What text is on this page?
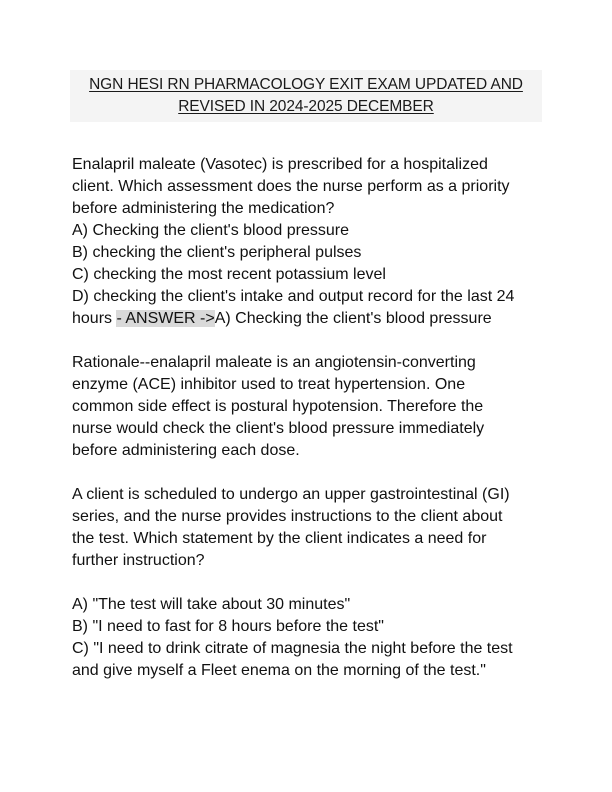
NGN HESI RN PHARMACOLOGY EXIT EXAM UPDATED AND
REVISED IN 2024-2025 DECEMBER

Enalapril maleate (Vasotec) is prescribed for a hospitalized

client. Which assessment does the nurse perform as a priority

before administering the medication?

A) Checking the client's blood pressure

B) checking the client's peripheral pulses

C) checking the most recent potassium level

D) checking the client's intake and output record for the last 24

hours - ANSWER ->A) Checking the client's blood pressure

Rationale--enalapril maleate is an angiotensin-converting

enzyme (ACE) inhibitor used to treat hypertension. One

common side effect is postural hypotension. Therefore the

nurse would check the client's blood pressure immediately

before administering each dose.

A client is scheduled to undergo an upper gastrointestinal (GI)

series, and the nurse provides instructions to the client about

the test. Which statement by the client indicates a need for

further instruction?

A) "The test will take about 30 minutes"

B) "I need to fast for 8 hours before the test"

C) "I need to drink citrate of magnesia the night before the test

and give myself a Fleet enema on the morning of the test."
